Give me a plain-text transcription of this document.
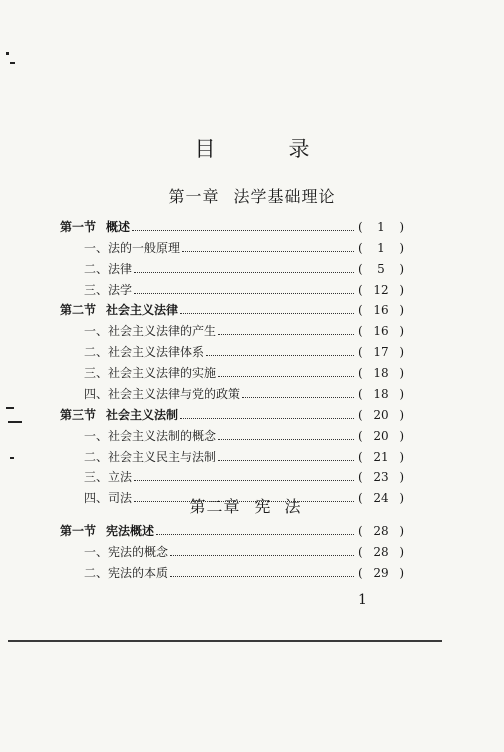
目　录
第一章 法学基础理论
第一节 概述	(	1	)
一、法的一般原理	(	1	)
二、法律	(	5	)
三、法学	( 12 )
第二节 社会主义法律	( 16 )
一、社会主义法律的产生	( 16 )
二、社会主义法律体系	( 17 )
三、社会主义法律的实施	( 18 )
四、社会主义法律与党的政策	( 18 )
第三节 社会主义法制	( 20 )
一、社会主义法制的概念	( 20 )
二、社会主义民主与法制	( 21 )
三、立法	( 23 )
四、司法	( 24 )
第二章 宪法
第一节 宪法概述	( 28 )
一、宪法的概念	( 28 )
二、宪法的本质	( 29 )
1
